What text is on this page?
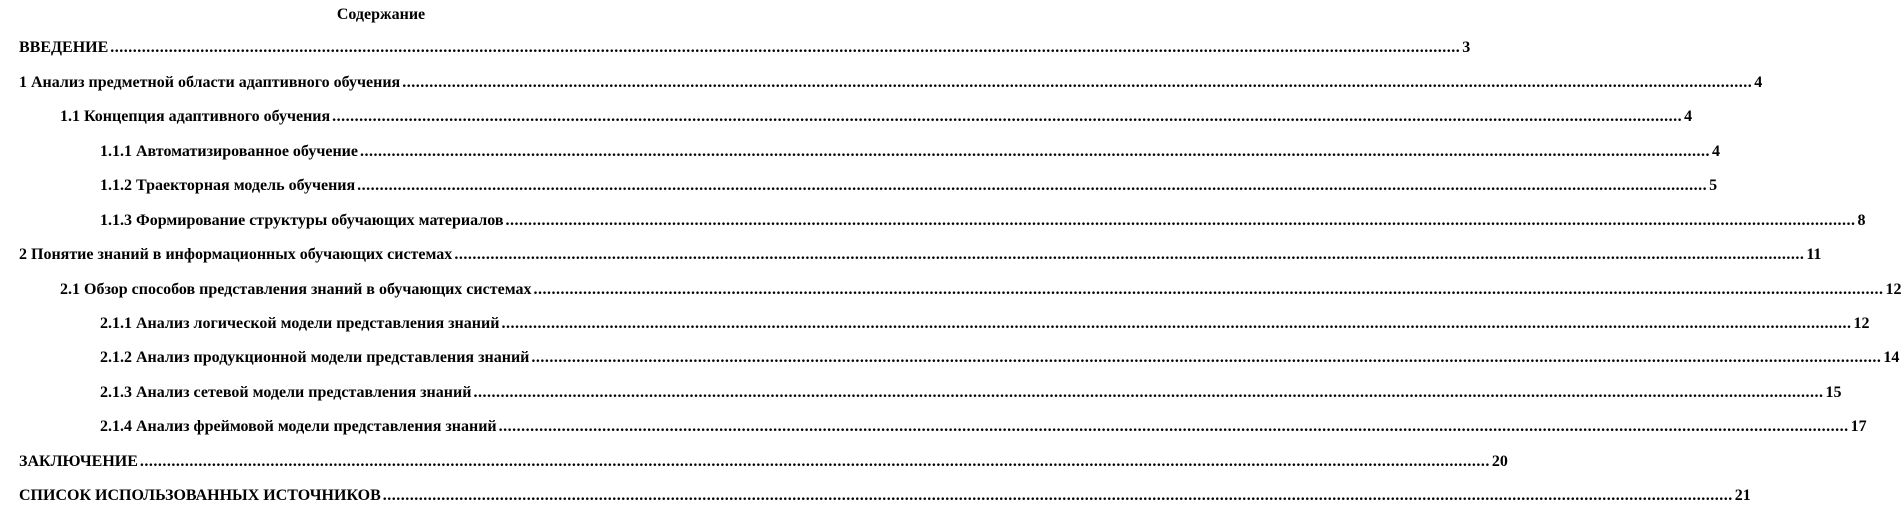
Содержание
ВВЕДЕНИЕ ............................................................................................................................................................................................................................................................................................................ 3
1 Анализ предметной области адаптивного обучения ............................................................................................................................................................................................................................................................................................................ 4
1.1 Концепция адаптивного обучения ............................................................................................................................................................................................................................................................................................................ 4
1.1.1 Автоматизированное обучение ............................................................................................................................................................................................................................................................................................................ 4
1.1.2 Траекторная модель обучения ............................................................................................................................................................................................................................................................................................................ 5
1.1.3 Формирование структуры обучающих материалов ............................................................................................................................................................................................................................................................................................................ 8
2 Понятие знаний в информационных обучающих системах ............................................................................................................................................................................................................................................................................................................ 11
2.1 Обзор способов представления знаний в обучающих системах ............................................................................................................................................................................................................................................................................................................ 12
2.1.1 Анализ логической модели представления знаний ............................................................................................................................................................................................................................................................................................................ 12
2.1.2 Анализ продукционной модели представления знаний ............................................................................................................................................................................................................................................................................................................ 14
2.1.3 Анализ сетевой модели представления знаний ............................................................................................................................................................................................................................................................................................................ 15
2.1.4 Анализ фреймовой модели представления знаний ............................................................................................................................................................................................................................................................................................................ 17
ЗАКЛЮЧЕНИЕ ............................................................................................................................................................................................................................................................................................................ 20
СПИСОК ИСПОЛЬЗОВАННЫХ ИСТОЧНИКОВ ............................................................................................................................................................................................................................................................................................................ 21
